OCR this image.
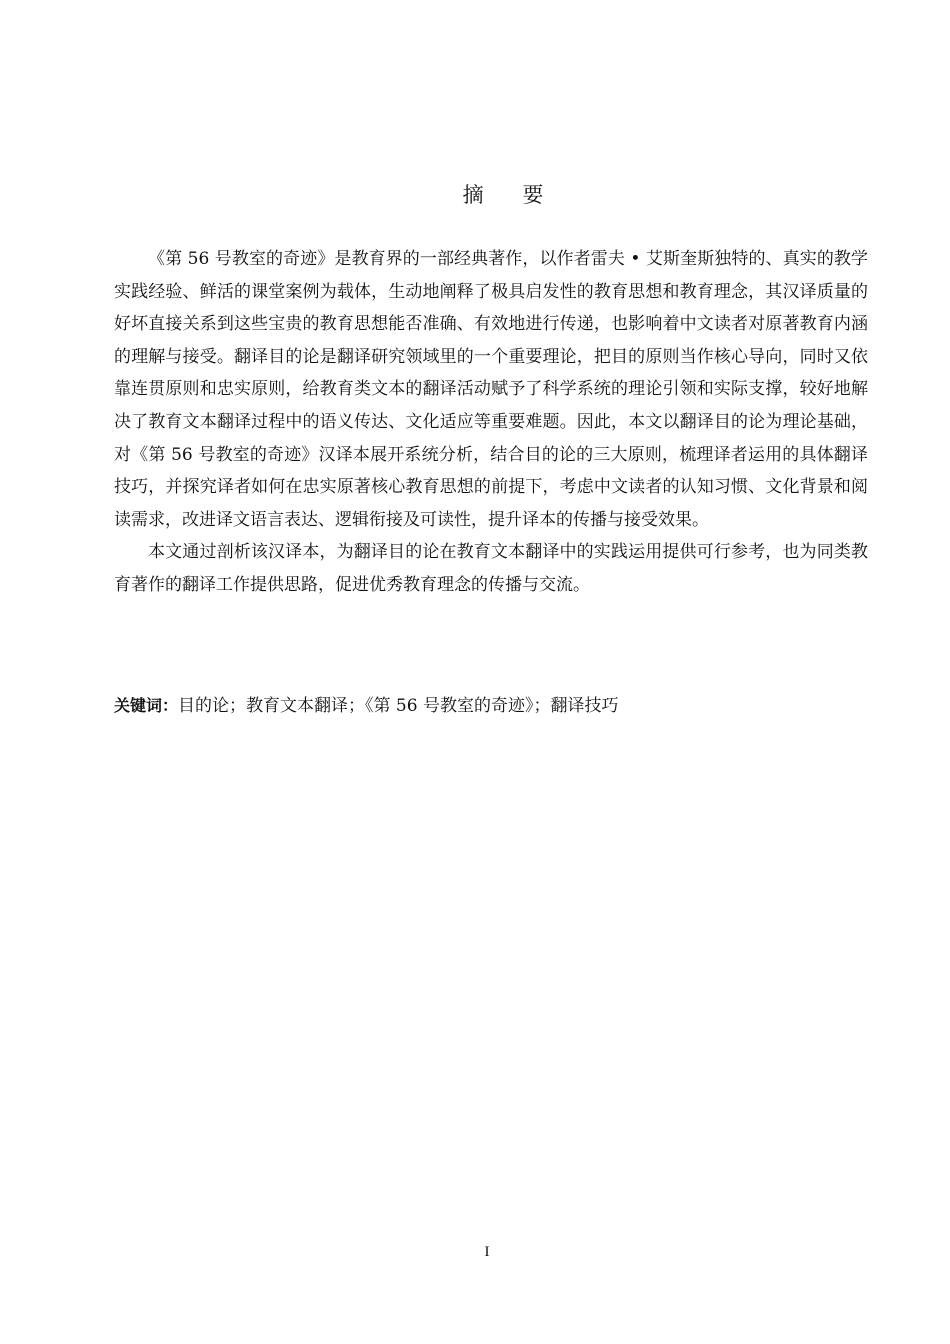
摘 要

《第 56 号教室的奇迹》是教育界的一部经典著作，以作者雷夫 • 艾斯奎斯独特的、真实的教学实践经验、鲜活的课堂案例为载体，生动地阐释了极具启发性的教育思想和教育理念，其汉译质量的好坏直接关系到这些宝贵的教育思想能否准确、有效地进行传递，也影响着中文读者对原著教育内涵的理解与接受。翻译目的论是翻译研究领域里的一个重要理论，把目的原则当作核心导向，同时又依靠连贯原则和忠实原则，给教育类文本的翻译活动赋予了科学系统的理论引领和实际支撑，较好地解决了教育文本翻译过程中的语义传达、文化适应等重要难题。因此，本文以翻译目的论为理论基础，对《第 56 号教室的奇迹》汉译本展开系统分析，结合目的论的三大原则，梳理译者运用的具体翻译技巧，并探究译者如何在忠实原著核心教育思想的前提下，考虑中文读者的认知习惯、文化背景和阅读需求，改进译文语言表达、逻辑衔接及可读性，提升译本的传播与接受效果。

本文通过剖析该汉译本，为翻译目的论在教育文本翻译中的实践运用提供可行参考，也为同类教育著作的翻译工作提供思路，促进优秀教育理念的传播与交流。

关键词：目的论；教育文本翻译；《第 56 号教室的奇迹》；翻译技巧
I
